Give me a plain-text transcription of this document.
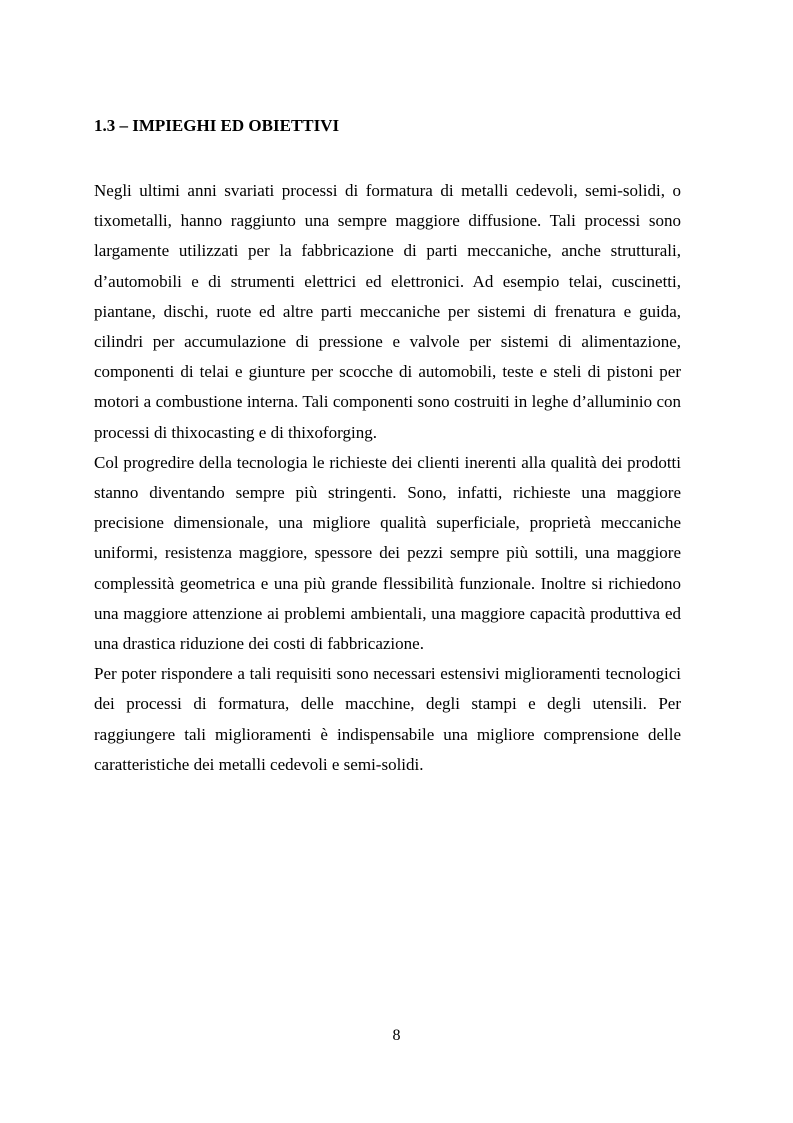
1.3 – IMPIEGHI ED OBIETTIVI

Negli ultimi anni svariati processi di formatura di metalli cedevoli, semi-solidi, o tixometalli, hanno raggiunto una sempre maggiore diffusione. Tali processi sono largamente utilizzati per la fabbricazione di parti meccaniche, anche strutturali, d’automobili e di strumenti elettrici ed elettronici. Ad esempio telai, cuscinetti, piantane, dischi, ruote ed altre parti meccaniche per sistemi di frenatura e guida, cilindri per accumulazione di pressione e valvole per sistemi di alimentazione, componenti di telai e giunture per scocche di automobili, teste e steli di pistoni per motori a combustione interna. Tali componenti sono costruiti in leghe d’alluminio con processi di thixocasting e di thixoforging.

Col progredire della tecnologia le richieste dei clienti inerenti alla qualità dei prodotti stanno diventando sempre più stringenti. Sono, infatti, richieste una maggiore precisione dimensionale, una migliore qualità superficiale, proprietà meccaniche uniformi, resistenza maggiore, spessore dei pezzi sempre più sottili, una maggiore complessità geometrica e una più grande flessibilità funzionale. Inoltre si richiedono una maggiore attenzione ai problemi ambientali, una maggiore capacità produttiva ed una drastica riduzione dei costi di fabbricazione.

Per poter rispondere a tali requisiti sono necessari estensivi miglioramenti tecnologici dei processi di formatura, delle macchine, degli stampi e degli utensili. Per raggiungere tali miglioramenti è indispensabile una migliore comprensione delle caratteristiche dei metalli cedevoli e semi-solidi.

8
